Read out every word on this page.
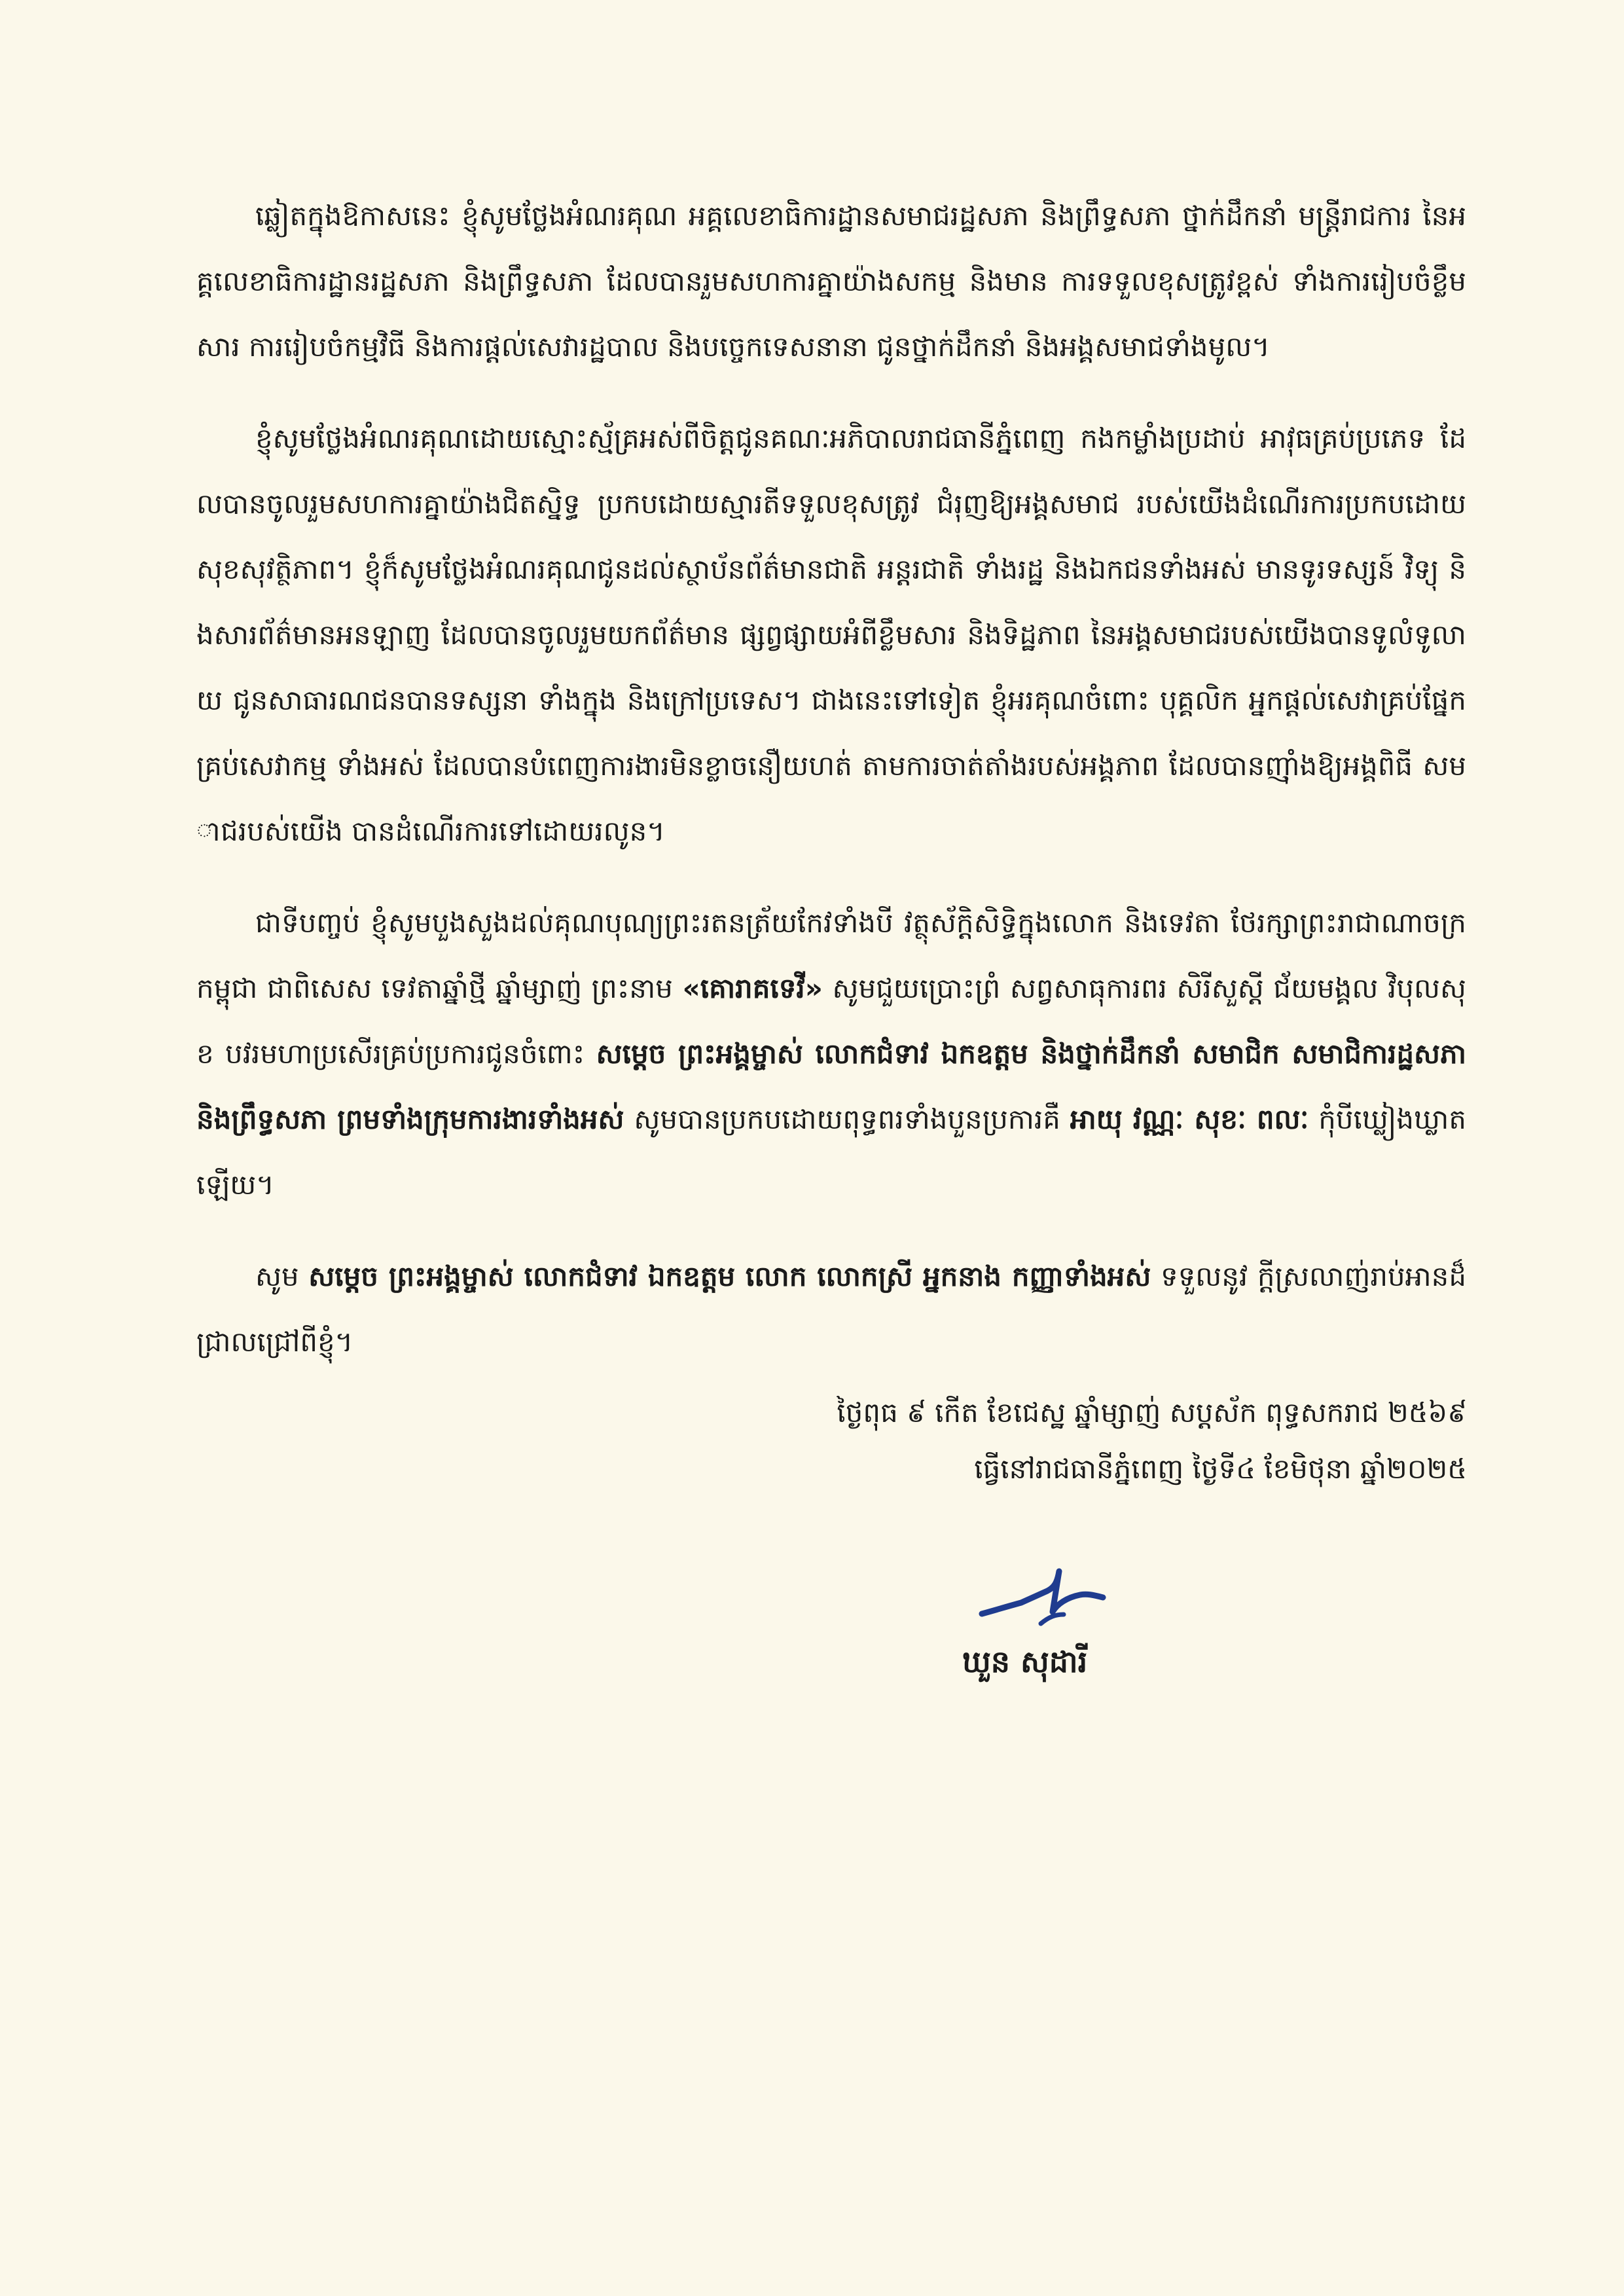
ឆ្លៀតក្នុងឱកាសនេះ ខ្ញុំសូមថ្លែងអំណរគុណ អគ្គលេខាធិការដ្ឋានសមាជរដ្ឋសភា និងព្រឹទ្ធសភា ថ្នាក់ដឹកនាំ មន្ត្រីរាជការ នៃអគ្គលេខាធិការដ្ឋានរដ្ឋសភា និងព្រឹទ្ធសភា ដែលបានរួមសហការគ្នាយ៉ាងសកម្ម និងមាន ការទទួលខុសត្រូវខ្ពស់ ទាំងការរៀបចំខ្លឹមសារ ការរៀបចំកម្មវិធី និងការផ្តល់សេវារដ្ឋបាល និងបច្ចេកទេសនានា ជូនថ្នាក់ដឹកនាំ និងអង្គសមាជទាំងមូល។

ខ្ញុំសូមថ្លែងអំណរគុណដោយស្មោះស្ម័គ្រអស់ពីចិត្តជូនគណៈអភិបាលរាជធានីភ្នំពេញ កងកម្លាំងប្រដាប់ អាវុធគ្រប់ប្រភេទ ដែលបានចូលរួមសហការគ្នាយ៉ាងជិតស្និទ្ធ ប្រកបដោយស្មារតីទទួលខុសត្រូវ ជំរុញឱ្យអង្គសមាជ របស់យើងដំណើរការប្រកបដោយសុខសុវត្ថិភាព។ ខ្ញុំក៏សូមថ្លែងអំណរគុណជូនដល់ស្ថាប័នព័ត៌មានជាតិ អន្តរជាតិ ទាំងរដ្ឋ និងឯកជនទាំងអស់ មានទូរទស្សន៍ វិទ្យុ និងសារព័ត៌មានអនឡាញ ដែលបានចូលរួមយកព័ត៌មាន ផ្សព្វផ្សាយអំពីខ្លឹមសារ និងទិដ្ឋភាព នៃអង្គសមាជរបស់យើងបានទូលំទូលាយ ជូនសាធារណជនបានទស្សនា ទាំងក្នុង និងក្រៅប្រទេស។ ជាងនេះទៅទៀត ខ្ញុំអរគុណចំពោះ បុគ្គលិក អ្នកផ្តល់សេវាគ្រប់ផ្នែក គ្រប់សេវាកម្ម ទាំងអស់ ដែលបានបំពេញការងារមិនខ្លាចនឿយហត់ តាមការចាត់តាំងរបស់អង្គភាព ដែលបានញ៉ាំងឱ្យអង្គពិធី សមាជរបស់យើង បានដំណើរការទៅដោយរលូន។

ជាទីបញ្ចប់ ខ្ញុំសូមបួងសួងដល់គុណបុណ្យព្រះរតនត្រ័យកែវទាំងបី វត្ថុស័ក្តិសិទ្ធិក្នុងលោក និងទេវតា ថែរក្សាព្រះរាជាណាចក្រកម្ពុជា ជាពិសេស ទេវតាឆ្នាំថ្មី ឆ្នាំម្សាញ់ ព្រះនាម «គោរាគទេវី» សូមជួយប្រោះព្រំ សព្វសាធុការពរ សិរីសួស្តី ជ័យមង្គល វិបុលសុខ បវរមហាប្រសើរគ្រប់ប្រការជូនចំពោះ សម្តេច ព្រះអង្គម្ចាស់ លោកជំទាវ ឯកឧត្តម និងថ្នាក់ដឹកនាំ សមាជិក សមាជិការដ្ឋសភា និងព្រឹទ្ធសភា ព្រមទាំងក្រុមការងារទាំងអស់ សូមបានប្រកបដោយពុទ្ធពរទាំងបួនប្រការគឺ អាយុ វណ្ណៈ សុខៈ ពលៈ កុំបីឃ្លៀងឃ្លាតឡើយ។

សូម សម្តេច ព្រះអង្គម្ចាស់ លោកជំទាវ ឯកឧត្តម លោក លោកស្រី អ្នកនាង កញ្ញាទាំងអស់ ទទួលនូវ ក្តីស្រលាញ់រាប់អានដ៏ជ្រាលជ្រៅពីខ្ញុំ។

ថ្ងៃពុធ ៩ កើត ខែជេស្ឋ ឆ្នាំម្សាញ់ សប្តស័ក ពុទ្ធសករាជ ២៥៦៩
ធ្វើនៅរាជធានីភ្នំពេញ ថ្ងៃទី៤ ខែមិថុនា ឆ្នាំ២០២៥
ឃួន សុដារី
